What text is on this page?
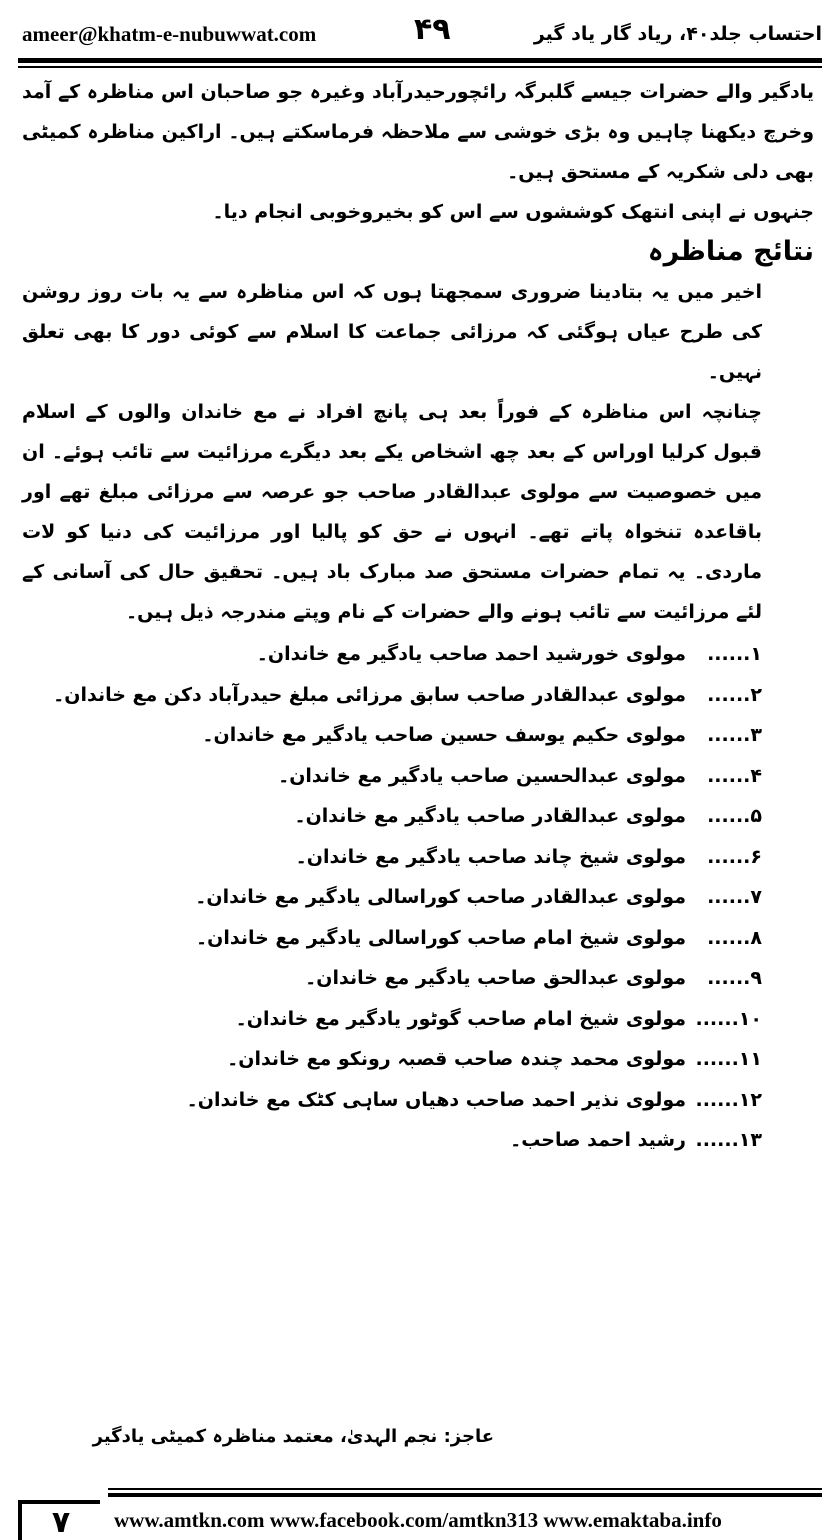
ameer@khatm-e-nubuwwat.com	۴۹	احتساب جلد۴۰، ریاد گار یاد گیر

یادگیر والے حضرات جیسے گلبرگہ رائچورحیدرآباد وغیرہ جو صاحبان اس مناظرہ کے آمد وخرچ دیکھنا چاہیں وہ بڑی خوشی سے ملاحظہ فرماسکتے ہیں۔ اراکین مناظرہ کمیٹی بھی دلی شکریہ کے مستحق ہیں۔

جنہوں نے اپنی انتھک کوششوں سے اس کو بخیروخوبی انجام دیا۔

نتائج مناظرہ

اخیر میں یہ بتادینا ضروری سمجھتا ہوں کہ اس مناظرہ سے یہ بات روز روشن کی طرح عیاں ہوگئی کہ مرزائی جماعت کا اسلام سے کوئی دور کا بھی تعلق نہیں۔

چنانچہ اس مناظرہ کے فوراً بعد ہی پانچ افراد نے مع خاندان والوں کے اسلام قبول کرلیا اوراس کے بعد چھ اشخاص یکے بعد دیگرے مرزائیت سے تائب ہوئے۔ ان میں خصوصیت سے مولوی عبدالقادر صاحب جو عرصہ سے مرزائی مبلغ تھے اور باقاعدہ تنخواہ پاتے تھے۔ انہوں نے حق کو پالیا اور مرزائیت کی دنیا کو لات ماردی۔ یہ تمام حضرات مستحق صد مبارک باد ہیں۔ تحقیق حال کی آسانی کے لئے مرزائیت سے تائب ہونے والے حضرات کے نام وپتے مندرجہ ذیل ہیں۔

۱......
مولوی خورشید احمد صاحب یادگیر مع خاندان۔
۲......
مولوی عبدالقادر صاحب سابق مرزائی مبلغ حیدرآباد دکن مع خاندان۔
۳......
مولوی حکیم یوسف حسین صاحب یادگیر مع خاندان۔
۴......
مولوی عبدالحسین صاحب یادگیر مع خاندان۔
۵......
مولوی عبدالقادر صاحب یادگیر مع خاندان۔
۶......
مولوی شیخ چاند صاحب یادگیر مع خاندان۔
۷......
مولوی عبدالقادر صاحب کوراسالی یادگیر مع خاندان۔
۸......
مولوی شیخ امام صاحب کوراسالی یادگیر مع خاندان۔
۹......
مولوی عبدالحق صاحب یادگیر مع خاندان۔
۱۰......
مولوی شیخ امام صاحب گوٹور یادگیر مع خاندان۔
۱۱......
مولوی محمد چندہ صاحب قصبہ رونکو مع خاندان۔
۱۲......
مولوی نذیر احمد صاحب دھیاں ساہی کٹک مع خاندان۔
۱۳......
رشید احمد صاحب۔
عاجز: نجم الہدیٰ، معتمد مناظرہ کمیٹی یادگیر
۷ www.amtkn.com www.facebook.com/amtkn313 www.emaktaba.info
